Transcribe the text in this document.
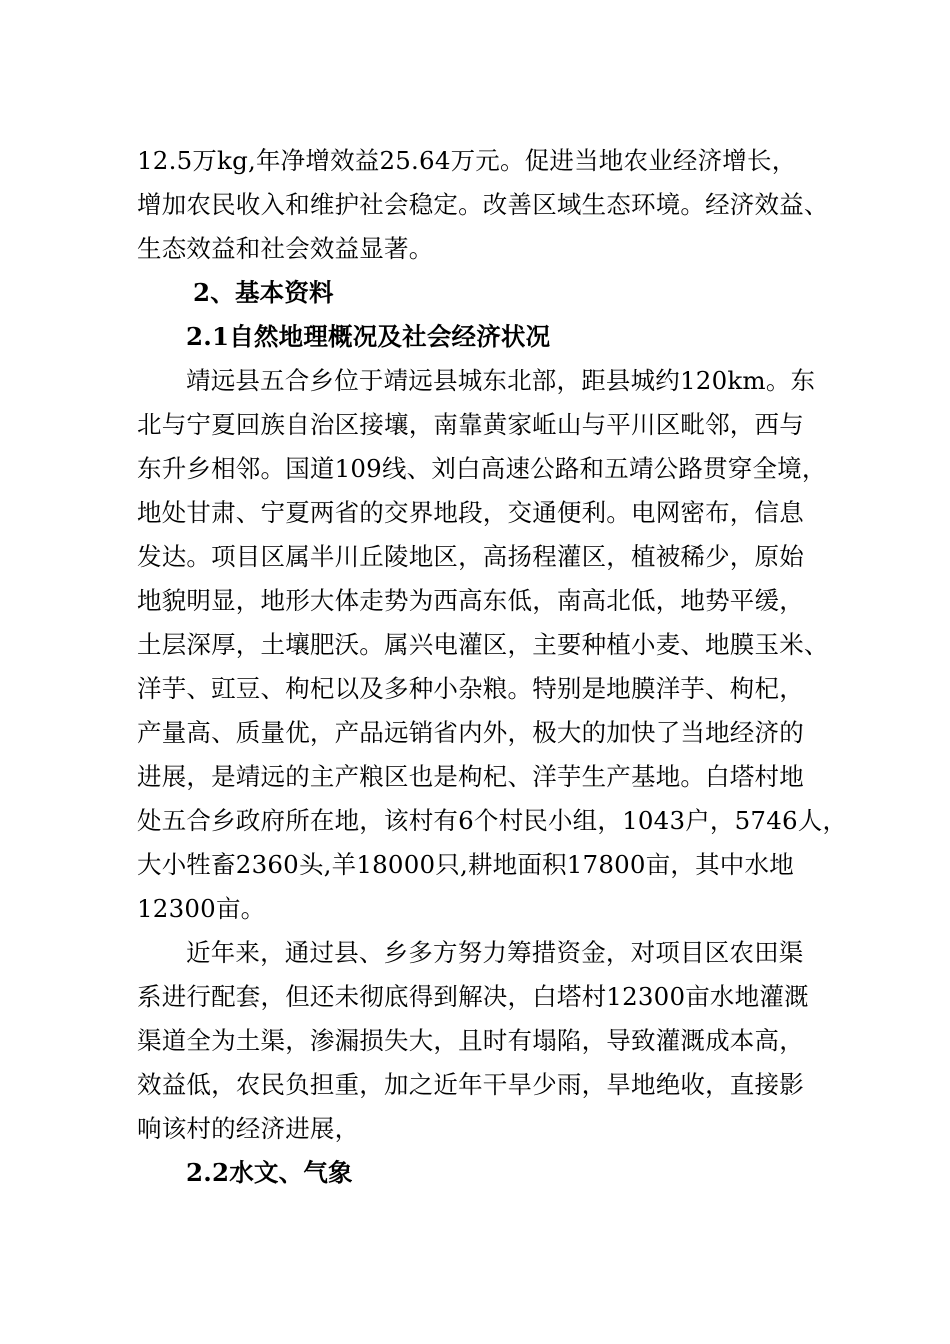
12.5万kg,年净增效益25.64万元。促进当地农业经济增长，
增加农民收入和维护社会稳定。改善区域生态环境。经济效益、
生态效益和社会效益显著。
2、基本资料
2.1自然地理概况及社会经济状况
靖远县五合乡位于靖远县城东北部，距县城约120km。东
北与宁夏回族自治区接壤，南靠黄家岴山与平川区毗邻，西与
东升乡相邻。国道109线、刘白高速公路和五靖公路贯穿全境，
地处甘肃、宁夏两省的交界地段，交通便利。电网密布，信息
发达。项目区属半川丘陵地区，高扬程灌区，植被稀少，原始
地貌明显，地形大体走势为西高东低，南高北低，地势平缓，
土层深厚，土壤肥沃。属兴电灌区，主要种植小麦、地膜玉米、
洋芋、豇豆、枸杞以及多种小杂粮。特别是地膜洋芋、枸杞，
产量高、质量优，产品远销省内外，极大的加快了当地经济的
进展，是靖远的主产粮区也是枸杞、洋芋生产基地。白塔村地
处五合乡政府所在地，该村有6个村民小组，1043户，5746人，
大小牲畜2360头,羊18000只,耕地面积17800亩，其中水地
12300亩。
近年来，通过县、乡多方努力筹措资金，对项目区农田渠
系进行配套，但还未彻底得到解决，白塔村12300亩水地灌溉
渠道全为土渠，渗漏损失大，且时有塌陷，导致灌溉成本高，
效益低，农民负担重，加之近年干旱少雨，旱地绝收，直接影
响该村的经济进展，
2.2水文、气象
